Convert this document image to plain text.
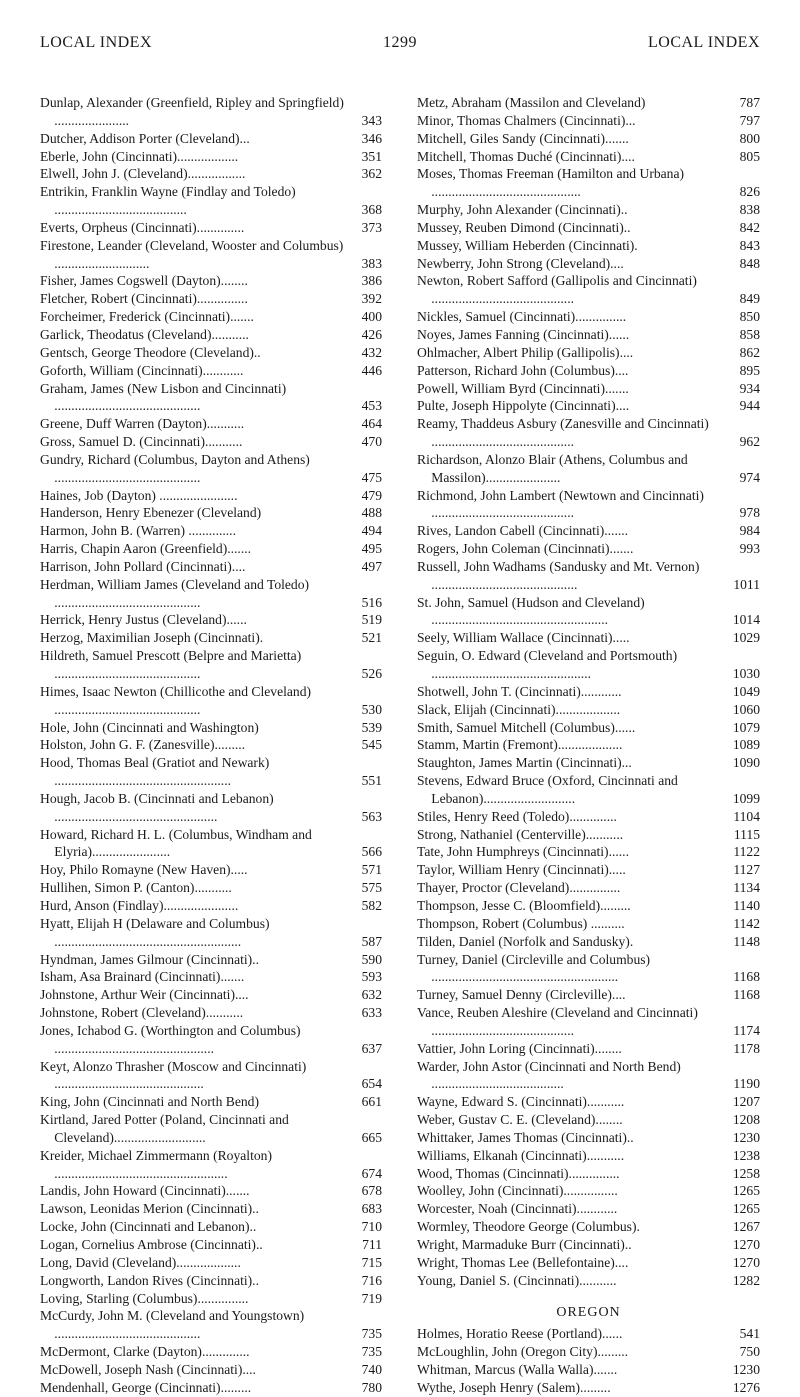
LOCAL INDEX	1299	LOCAL INDEX
Dunlap, Alexander (Greenfield, Ripley and Springfield) ......................	343
Dutcher, Addison Porter (Cleveland)...	346
Eberle, John (Cincinnati)..................	351
Elwell, John J. (Cleveland).................	362
Entrikin, Franklin Wayne (Findlay and Toledo) .......................................	368
Everts, Orpheus (Cincinnati)..............	373
Firestone, Leander (Cleveland, Wooster and Columbus) ............................	383
Fisher, James Cogswell (Dayton)........	386
Fletcher, Robert (Cincinnati)...............	392
Forcheimer, Frederick (Cincinnati).......	400
Garlick, Theodatus (Cleveland)...........	426
Gentsch, George Theodore (Cleveland)..	432
Goforth, William (Cincinnati)............	446
Graham, James (New Lisbon and Cincinnati) ...........................................	453
Greene, Duff Warren (Dayton)...........	464
Gross, Samuel D. (Cincinnati)...........	470
Gundry, Richard (Columbus, Dayton and Athens) ...........................................	475
Haines, Job (Dayton) .......................	479
Handerson, Henry Ebenezer (Cleveland)	488
Harmon, John B. (Warren) ..............	494
Harris, Chapin Aaron (Greenfield).......	495
Harrison, John Pollard (Cincinnati)....	497
Herdman, William James (Cleveland and Toledo) ...........................................	516
Herrick, Henry Justus (Cleveland)......	519
Herzog, Maximilian Joseph (Cincinnati).	521
Hildreth, Samuel Prescott (Belpre and Marietta) ...........................................	526
Himes, Isaac Newton (Chillicothe and Cleveland) ...........................................	530
Hole, John (Cincinnati and Washington)	539
Holston, John G. F. (Zanesville).........	545
Hood, Thomas Beal (Gratiot and Newark) ....................................................	551
Hough, Jacob B. (Cincinnati and Lebanon) ................................................	563
Howard, Richard H. L. (Columbus, Windham and Elyria).......................	566
Hoy, Philo Romayne (New Haven).....	571
Hullihen, Simon P. (Canton)...........	575
Hurd, Anson (Findlay)......................	582
Hyatt, Elijah H (Delaware and Columbus) .......................................................	587
Hyndman, James Gilmour (Cincinnati)..	590
Isham, Asa Brainard (Cincinnati).......	593
Johnstone, Arthur Weir (Cincinnati)....	632
Johnstone, Robert (Cleveland)...........	633
Jones, Ichabod G. (Worthington and Columbus) ...............................................	637
Keyt, Alonzo Thrasher (Moscow and Cincinnati) ............................................	654
King, John (Cincinnati and North Bend)	661
Kirtland, Jared Potter (Poland, Cincinnati and Cleveland)...........................	665
Kreider, Michael Zimmermann (Royalton) ...................................................	674
Landis, John Howard (Cincinnati).......	678
Lawson, Leonidas Merion (Cincinnati)..	683
Locke, John (Cincinnati and Lebanon)..	710
Logan, Cornelius Ambrose (Cincinnati)..	711
Long, David (Cleveland)...................	715
Longworth, Landon Rives (Cincinnati)..	716
Loving, Starling (Columbus)...............	719
McCurdy, John M. (Cleveland and Youngstown) ...........................................	735
McDermont, Clarke (Dayton)..............	735
McDowell, Joseph Nash (Cincinnati)....	740
Mendenhall, George (Cincinnati).........	780
Metz, Abraham (Massilon and Cleveland)	787
Minor, Thomas Chalmers (Cincinnati)...	797
Mitchell, Giles Sandy (Cincinnati).......	800
Mitchell, Thomas Duché (Cincinnati)....	805
Moses, Thomas Freeman (Hamilton and Urbana) ............................................	826
Murphy, John Alexander (Cincinnati)..	838
Mussey, Reuben Dimond (Cincinnati)..	842
Mussey, William Heberden (Cincinnati).	843
Newberry, John Strong (Cleveland)....	848
Newton, Robert Safford (Gallipolis and Cincinnati) ..........................................	849
Nickles, Samuel (Cincinnati)...............	850
Noyes, James Fanning (Cincinnati)......	858
Ohlmacher, Albert Philip (Gallipolis)....	862
Patterson, Richard John (Columbus)....	895
Powell, William Byrd (Cincinnati).......	934
Pulte, Joseph Hippolyte (Cincinnati)....	944
Reamy, Thaddeus Asbury (Zanesville and Cincinnati) ..........................................	962
Richardson, Alonzo Blair (Athens, Columbus and Massilon)......................	974
Richmond, John Lambert (Newtown and Cincinnati) ..........................................	978
Rives, Landon Cabell (Cincinnati).......	984
Rogers, John Coleman (Cincinnati).......	993
Russell, John Wadhams (Sandusky and Mt. Vernon) ...........................................	1011
St. John, Samuel (Hudson and Cleveland) ....................................................	1014
Seely, William Wallace (Cincinnati).....	1029
Seguin, O. Edward (Cleveland and Portsmouth) ...............................................	1030
Shotwell, John T. (Cincinnati)............	1049
Slack, Elijah (Cincinnati)...................	1060
Smith, Samuel Mitchell (Columbus)......	1079
Stamm, Martin (Fremont)...................	1089
Staughton, James Martin (Cincinnati)...	1090
Stevens, Edward Bruce (Oxford, Cincinnati and Lebanon)...........................	1099
Stiles, Henry Reed (Toledo)..............	1104
Strong, Nathaniel (Centerville)...........	1115
Tate, John Humphreys (Cincinnati)......	1122
Taylor, William Henry (Cincinnati).....	1127
Thayer, Proctor (Cleveland)...............	1134
Thompson, Jesse C. (Bloomfield).........	1140
Thompson, Robert (Columbus) ..........	1142
Tilden, Daniel (Norfolk and Sandusky).	1148
Turney, Daniel (Circleville and Columbus) .......................................................	1168
Turney, Samuel Denny (Circleville)....	1168
Vance, Reuben Aleshire (Cleveland and Cincinnati) ..........................................	1174
Vattier, John Loring (Cincinnati)........	1178
Warder, John Astor (Cincinnati and North Bend) .......................................	1190
Wayne, Edward S. (Cincinnati)...........	1207
Weber, Gustav C. E. (Cleveland)........	1208
Whittaker, James Thomas (Cincinnati)..	1230
Williams, Elkanah (Cincinnati)...........	1238
Wood, Thomas (Cincinnati)...............	1258
Woolley, John (Cincinnati)................	1265
Worcester, Noah (Cincinnati)............	1265
Wormley, Theodore George (Columbus).	1267
Wright, Marmaduke Burr (Cincinnati)..	1270
Wright, Thomas Lee (Bellefontaine)....	1270
Young, Daniel S. (Cincinnati)...........	1282
OREGON
Holmes, Horatio Reese (Portland)......	541
McLoughlin, John (Oregon City).........	750
Whitman, Marcus (Walla Walla).......	1230
Wythe, Joseph Henry (Salem).........	1276
